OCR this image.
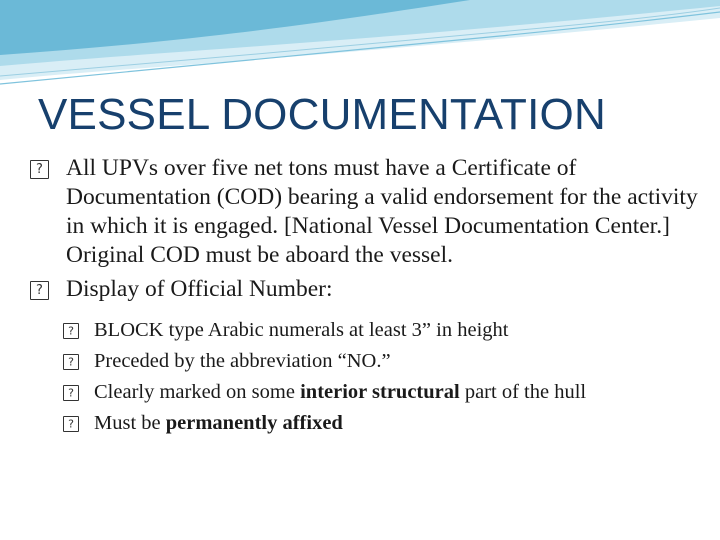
VESSEL DOCUMENTATION
? All UPVs over five net tons must have a Certificate of Documentation (COD) bearing a valid endorsement for the activity in which it is engaged. [National Vessel Documentation Center.] Original COD must be aboard the vessel.
? Display of Official Number:
? BLOCK type Arabic numerals at least 3” in height
? Preceded by the abbreviation “NO.”
? Clearly marked on some interior structural part of the hull
? Must be permanently affixed
